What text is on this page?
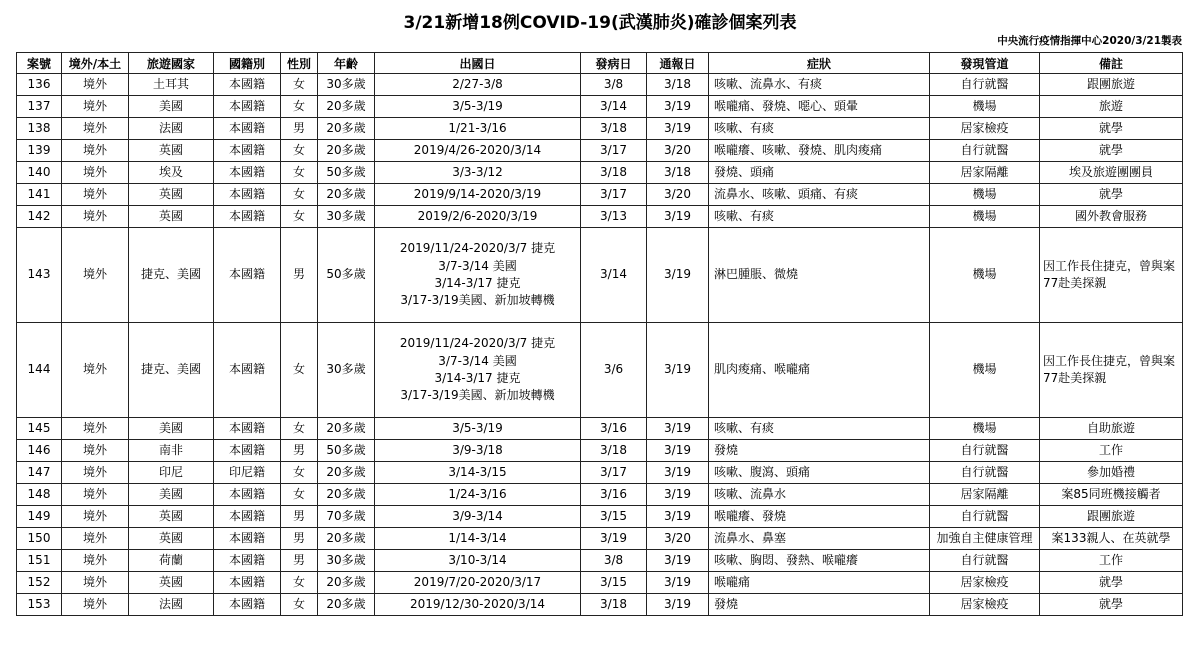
3/21新增18例COVID-19(武漢肺炎)確診個案列表
中央流行疫情指揮中心2020/3/21製表
案號	境外/本土	旅遊國家	國籍別	性別	年齡	出國日	發病日	通報日	症狀	發現管道	備註
136	境外	土耳其	本國籍	女	30多歲	2/27-3/8	3/8	3/18	咳嗽、流鼻水、有痰	自行就醫	跟團旅遊
137	境外	美國	本國籍	女	20多歲	3/5-3/19	3/14	3/19	喉嚨痛、發燒、噁心、頭暈	機場	旅遊
138	境外	法國	本國籍	男	20多歲	1/21-3/16	3/18	3/19	咳嗽、有痰	居家檢疫	就學
139	境外	英國	本國籍	女	20多歲	2019/4/26-2020/3/14	3/17	3/20	喉嚨癢、咳嗽、發燒、肌肉痠痛	自行就醫	就學
140	境外	埃及	本國籍	女	50多歲	3/3-3/12	3/18	3/18	發燒、頭痛	居家隔離	埃及旅遊團團員
141	境外	英國	本國籍	女	20多歲	2019/9/14-2020/3/19	3/17	3/20	流鼻水、咳嗽、頭痛、有痰	機場	就學
142	境外	英國	本國籍	女	30多歲	2019/2/6-2020/3/19	3/13	3/19	咳嗽、有痰	機場	國外教會服務
143	境外	捷克、美國	本國籍	男	50多歲	2019/11/24-2020/3/7 捷克
3/7-3/14 美國
3/14-3/17 捷克
3/17-3/19美國、新加坡轉機	3/14	3/19	淋巴腫脹、微燒	機場	因工作長住捷克，曾與案77赴美探親
144	境外	捷克、美國	本國籍	女	30多歲	2019/11/24-2020/3/7 捷克
3/7-3/14 美國
3/14-3/17 捷克
3/17-3/19美國、新加坡轉機	3/6	3/19	肌肉痠痛、喉嚨痛	機場	因工作長住捷克，曾與案77赴美探親
145	境外	美國	本國籍	女	20多歲	3/5-3/19	3/16	3/19	咳嗽、有痰	機場	自助旅遊
146	境外	南非	本國籍	男	50多歲	3/9-3/18	3/18	3/19	發燒	自行就醫	工作
147	境外	印尼	印尼籍	女	20多歲	3/14-3/15	3/17	3/19	咳嗽、腹瀉、頭痛	自行就醫	參加婚禮
148	境外	美國	本國籍	女	20多歲	1/24-3/16	3/16	3/19	咳嗽、流鼻水	居家隔離	案85同班機接觸者
149	境外	英國	本國籍	男	70多歲	3/9-3/14	3/15	3/19	喉嚨癢、發燒	自行就醫	跟團旅遊
150	境外	英國	本國籍	男	20多歲	1/14-3/14	3/19	3/20	流鼻水、鼻塞	加強自主健康管理	案133親人、在英就學
151	境外	荷蘭	本國籍	男	30多歲	3/10-3/14	3/8	3/19	咳嗽、胸悶、發熱、喉嚨癢	自行就醫	工作
152	境外	英國	本國籍	女	20多歲	2019/7/20-2020/3/17	3/15	3/19	喉嚨痛	居家檢疫	就學
153	境外	法國	本國籍	女	20多歲	2019/12/30-2020/3/14	3/18	3/19	發燒	居家檢疫	就學
